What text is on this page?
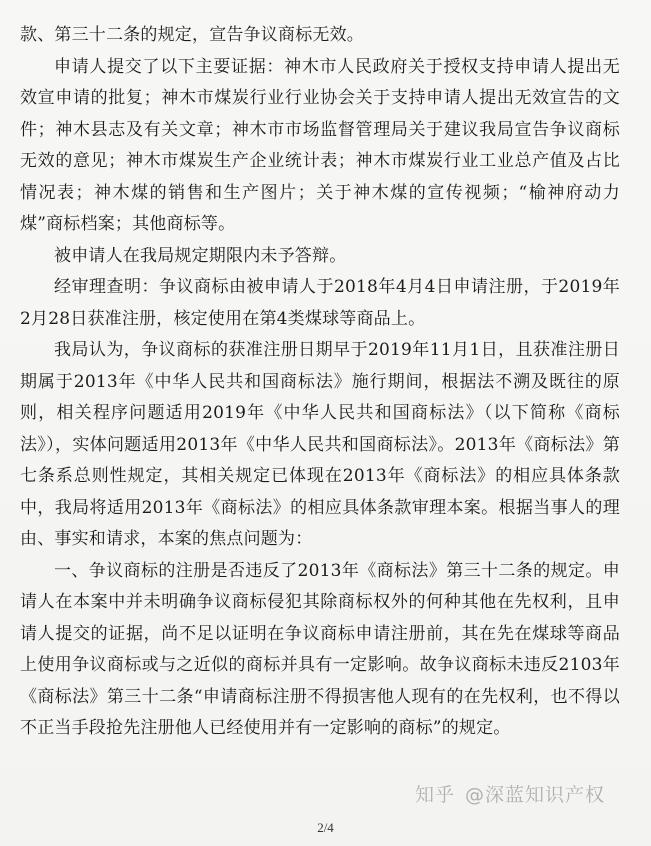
款、第三十二条的规定，宣告争议商标无效。

申请人提交了以下主要证据：神木市人民政府关于授权支持申请人提出无效宣申请的批复；神木市煤炭行业行业协会关于支持申请人提出无效宣告的文件；神木县志及有关文章；神木市市场监督管理局关于建议我局宣告争议商标无效的意见；神木市煤炭生产企业统计表；神木市煤炭行业工业总产值及占比情况表；神木煤的销售和生产图片；关于神木煤的宣传视频；“榆神府动力煤”商标档案；其他商标等。

被申请人在我局规定期限内未予答辩。

经审理查明：争议商标由被申请人于2018年4月4日申请注册，于2019年2月28日获准注册，核定使用在第4类煤球等商品上。

我局认为，争议商标的获准注册日期早于2019年11月1日，且获准注册日期属于2013年《中华人民共和国商标法》施行期间，根据法不溯及既往的原则，相关程序问题适用2019年《中华人民共和国商标法》（以下简称《商标法》），实体问题适用2013年《中华人民共和国商标法》。2013年《商标法》第七条系总则性规定，其相关规定已体现在2013年《商标法》的相应具体条款中，我局将适用2013年《商标法》的相应具体条款审理本案。根据当事人的理由、事实和请求，本案的焦点问题为：

一、争议商标的注册是否违反了2013年《商标法》第三十二条的规定。申请人在本案中并未明确争议商标侵犯其除商标权外的何种其他在先权利，且申请人提交的证据，尚不足以证明在争议商标申请注册前，其在先在煤球等商品上使用争议商标或与之近似的商标并具有一定影响。故争议商标未违反2103年《商标法》第三十二条“申请商标注册不得损害他人现有的在先权利，也不得以不正当手段抢先注册他人已经使用并有一定影响的商标”的规定。

知乎 @深蓝知识产权
2/4
